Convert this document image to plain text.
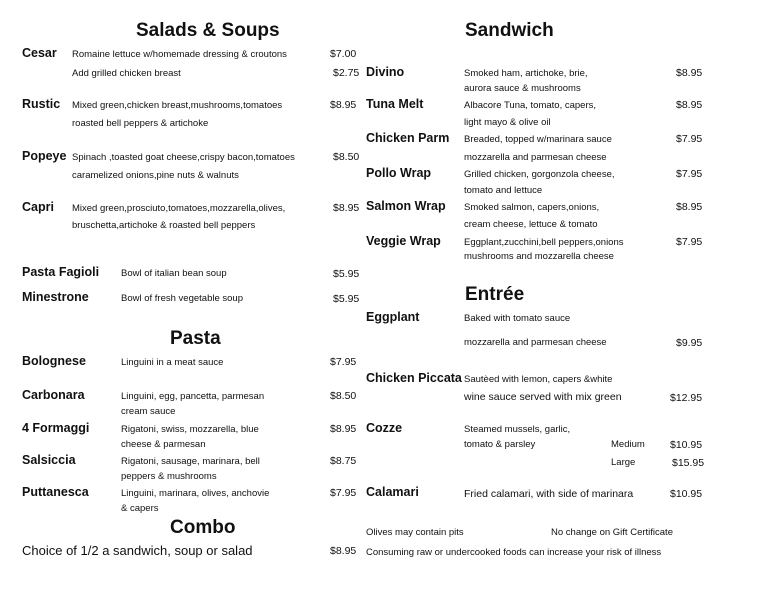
Salads & Soups
Cesar Romaine lettuce w/homemade dressing & croutons	$7.00
Add grilled chicken breast	$2.75
Rustic Mixed green,chicken breast,mushrooms,tomatoes	$8.95
roasted bell peppers & artichoke
Popeye Spinach ,toasted goat cheese,crispy bacon,tomatoes	$8.50
caramelized onions,pine nuts & walnuts
Capri Mixed green,prosciuto,tomatoes,mozzarella,olives,	$8.95
bruschetta,artichoke & roasted bell peppers
Pasta Fagioli Bowl of italian bean soup	$5.95
Minestrone	Bowl of fresh vegetable soup	$5.95
Pasta
Bolognese	Linguini in a meat sauce	$7.95
Carbonara	Linguini, egg, pancetta, parmesan	$8.50
cream sauce
4 Formaggi	Rigatoni, swiss, mozzarella, blue	$8.95
cheese & parmesan
Salsiccia	Rigatoni, sausage, marinara, bell	$8.75
peppers & mushrooms
Puttanesca	Linguini, marinara, olives, anchovie	$7.95
& capers
Combo
Choice of 1/2 a sandwich, soup or salad	$8.95
Sandwich
Divino	Smoked ham, artichoke, brie,
aurora sauce & mushrooms
$8.95
Tuna Melt	Albacore Tuna, tomato, capers,
light mayo & olive oil
$8.95
Chicken Parm Breaded, topped w/marinara sauce
mozzarella and parmesan cheese
$7.95
Pollo Wrap	Grilled chicken, gorgonzola cheese,
tomato and lettuce
$7.95
Salmon Wrap Smoked salmon, capers,onions,
cream cheese, lettuce & tomato
$8.95
Veggie Wrap Eggplant,zucchini,bell peppers,onions
mushrooms and mozzarella cheese
$7.95
Entrée
Eggplant	Baked with tomato sauce
mozzarella and parmesan cheese	$9.95
Chicken Piccata Sautèed with lemon, capers &white
wine sauce served with mix green	$12.95
Cozze	Steamed mussels, garlic,
tomato & parsley	Medium $10.95
Large	$15.95
Calamari	Fried calamari, with side of marinara	$10.95
Olives may contain pits	No change on Gift Certificate
Consuming raw or undercooked foods can increase your risk of illness
